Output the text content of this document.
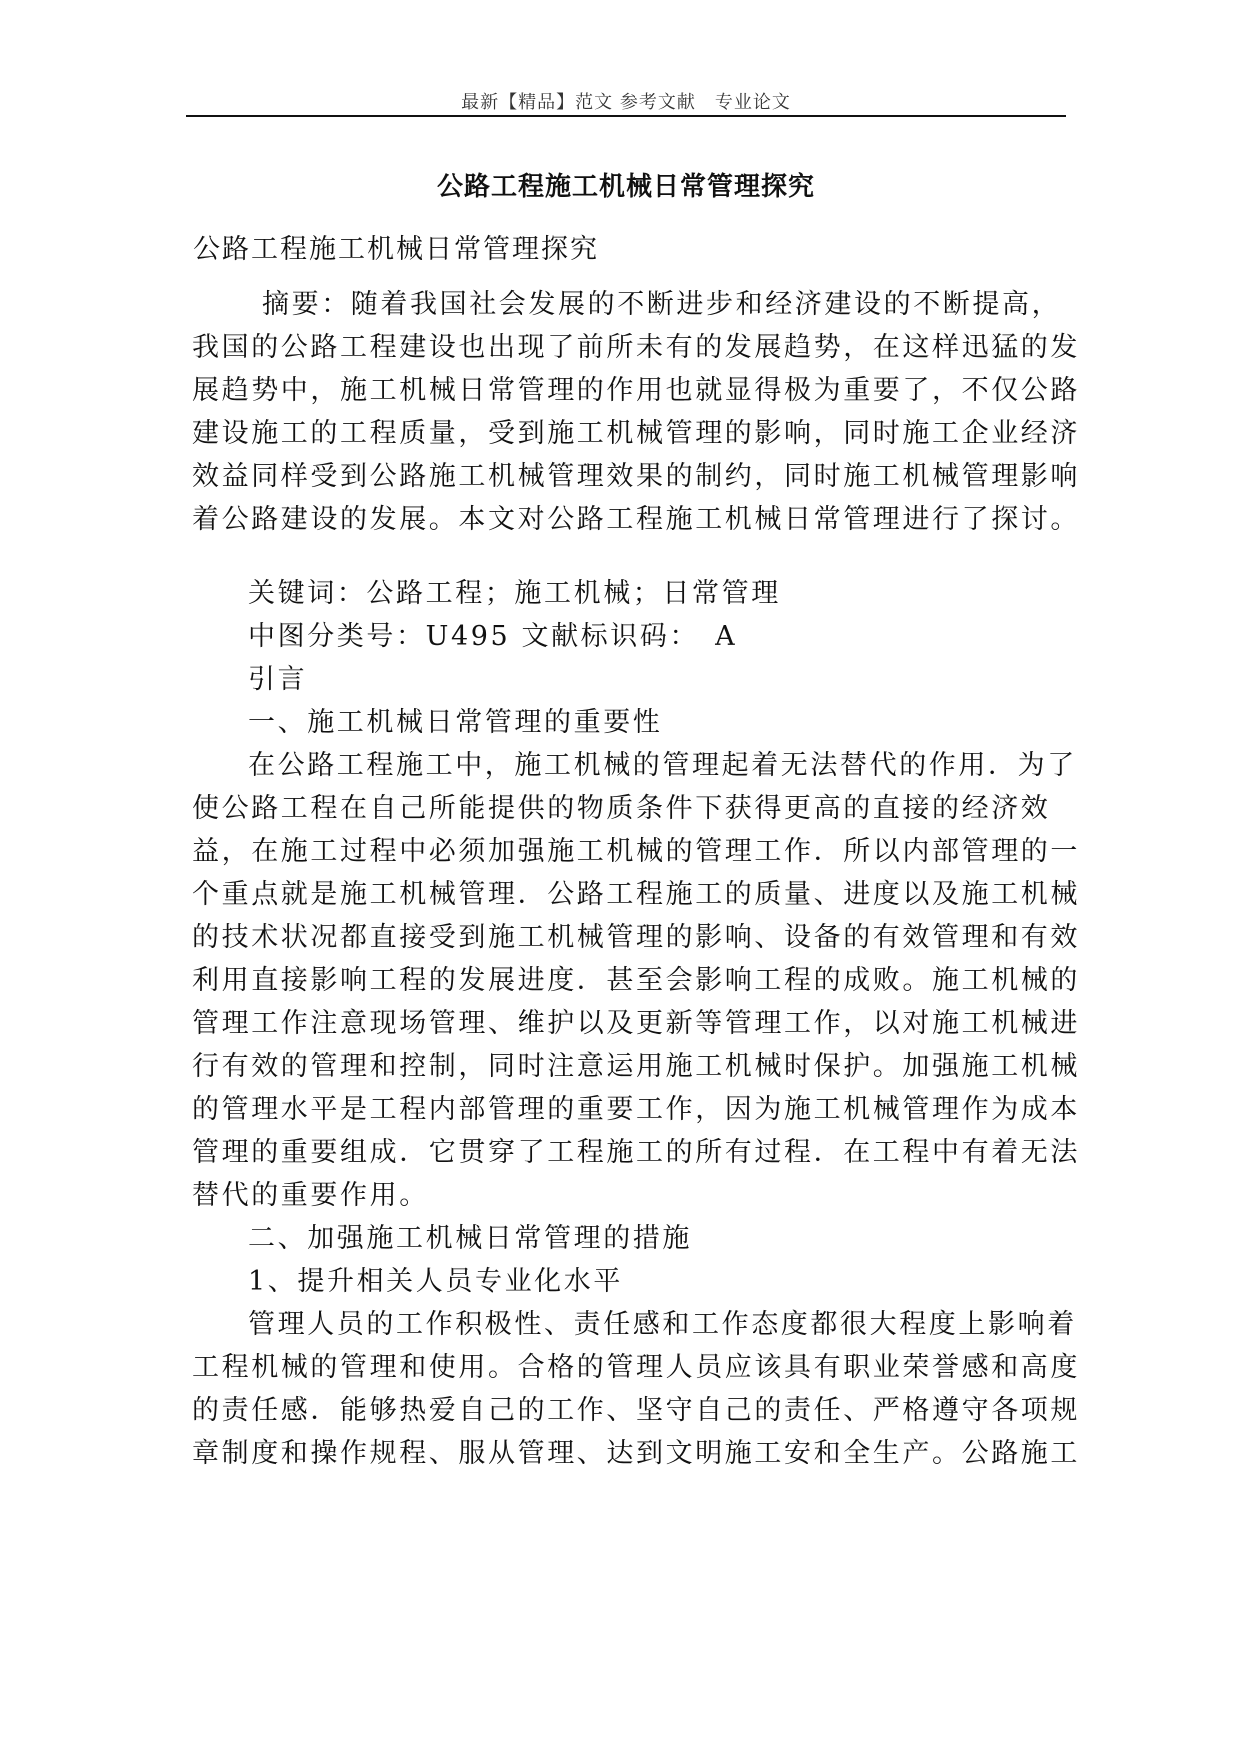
最新【精品】范文 参考文献　专业论文
公路工程施工机械日常管理探究
公路工程施工机械日常管理探究
摘要：随着我国社会发展的不断进步和经济建设的不断提高，
我国的公路工程建设也出现了前所未有的发展趋势，在这样迅猛的发
展趋势中，施工机械日常管理的作用也就显得极为重要了，不仅公路
建设施工的工程质量，受到施工机械管理的影响，同时施工企业经济
效益同样受到公路施工机械管理效果的制约，同时施工机械管理影响
着公路建设的发展。本文对公路工程施工机械日常管理进行了探讨。
关键词：公路工程；施工机械；日常管理
中图分类号：U495 文献标识码：　A
引言
一、施工机械日常管理的重要性
在公路工程施工中，施工机械的管理起着无法替代的作用．为了
使公路工程在自己所能提供的物质条件下获得更高的直接的经济效
益，在施工过程中必须加强施工机械的管理工作．所以内部管理的一
个重点就是施工机械管理．公路工程施工的质量、进度以及施工机械
的技术状况都直接受到施工机械管理的影响、设备的有效管理和有效
利用直接影响工程的发展进度．甚至会影响工程的成败。施工机械的
管理工作注意现场管理、维护以及更新等管理工作，以对施工机械进
行有效的管理和控制，同时注意运用施工机械时保护。加强施工机械
的管理水平是工程内部管理的重要工作，因为施工机械管理作为成本
管理的重要组成．它贯穿了工程施工的所有过程．在工程中有着无法
替代的重要作用。
二、加强施工机械日常管理的措施
1、提升相关人员专业化水平
管理人员的工作积极性、责任感和工作态度都很大程度上影响着
工程机械的管理和使用。合格的管理人员应该具有职业荣誉感和高度
的责任感．能够热爱自己的工作、坚守自己的责任、严格遵守各项规
章制度和操作规程、服从管理、达到文明施工安和全生产。公路施工
